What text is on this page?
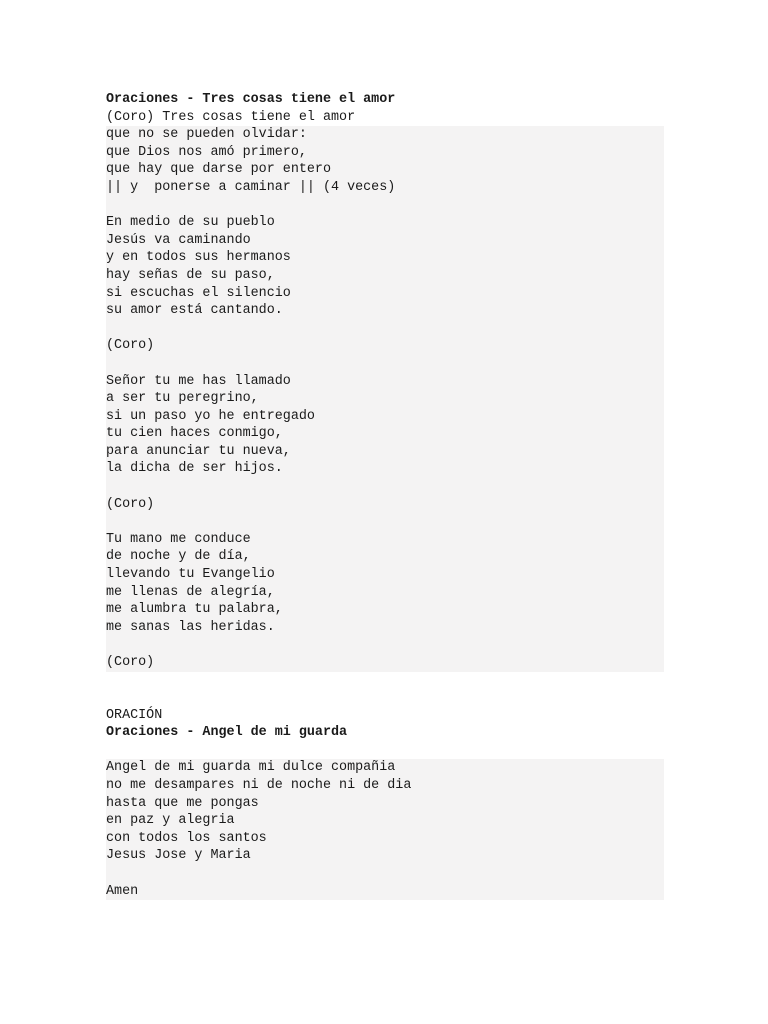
Oraciones - Tres cosas tiene el amor
(Coro) Tres cosas tiene el amor
que no se pueden olvidar:
que Dios nos amó primero,
que hay que darse por entero
|| y  ponerse a caminar || (4 veces)
En medio de su pueblo
Jesús va caminando
y en todos sus hermanos
hay señas de su paso,
si escuchas el silencio
su amor está cantando.
(Coro)
Señor tu me has llamado
a ser tu peregrino,
si un paso yo he entregado
tu cien haces conmigo,
para anunciar tu nueva,
la dicha de ser hijos.
(Coro)
Tu mano me conduce
de noche y de día,
llevando tu Evangelio
me llenas de alegría,
me alumbra tu palabra,
me sanas las heridas.
(Coro)
ORACIÓN
Oraciones - Angel de mi guarda
Angel de mi guarda mi dulce compañia
no me desampares ni de noche ni de dia
hasta que me pongas
en paz y alegria
con todos los santos
Jesus Jose y Maria
Amen
